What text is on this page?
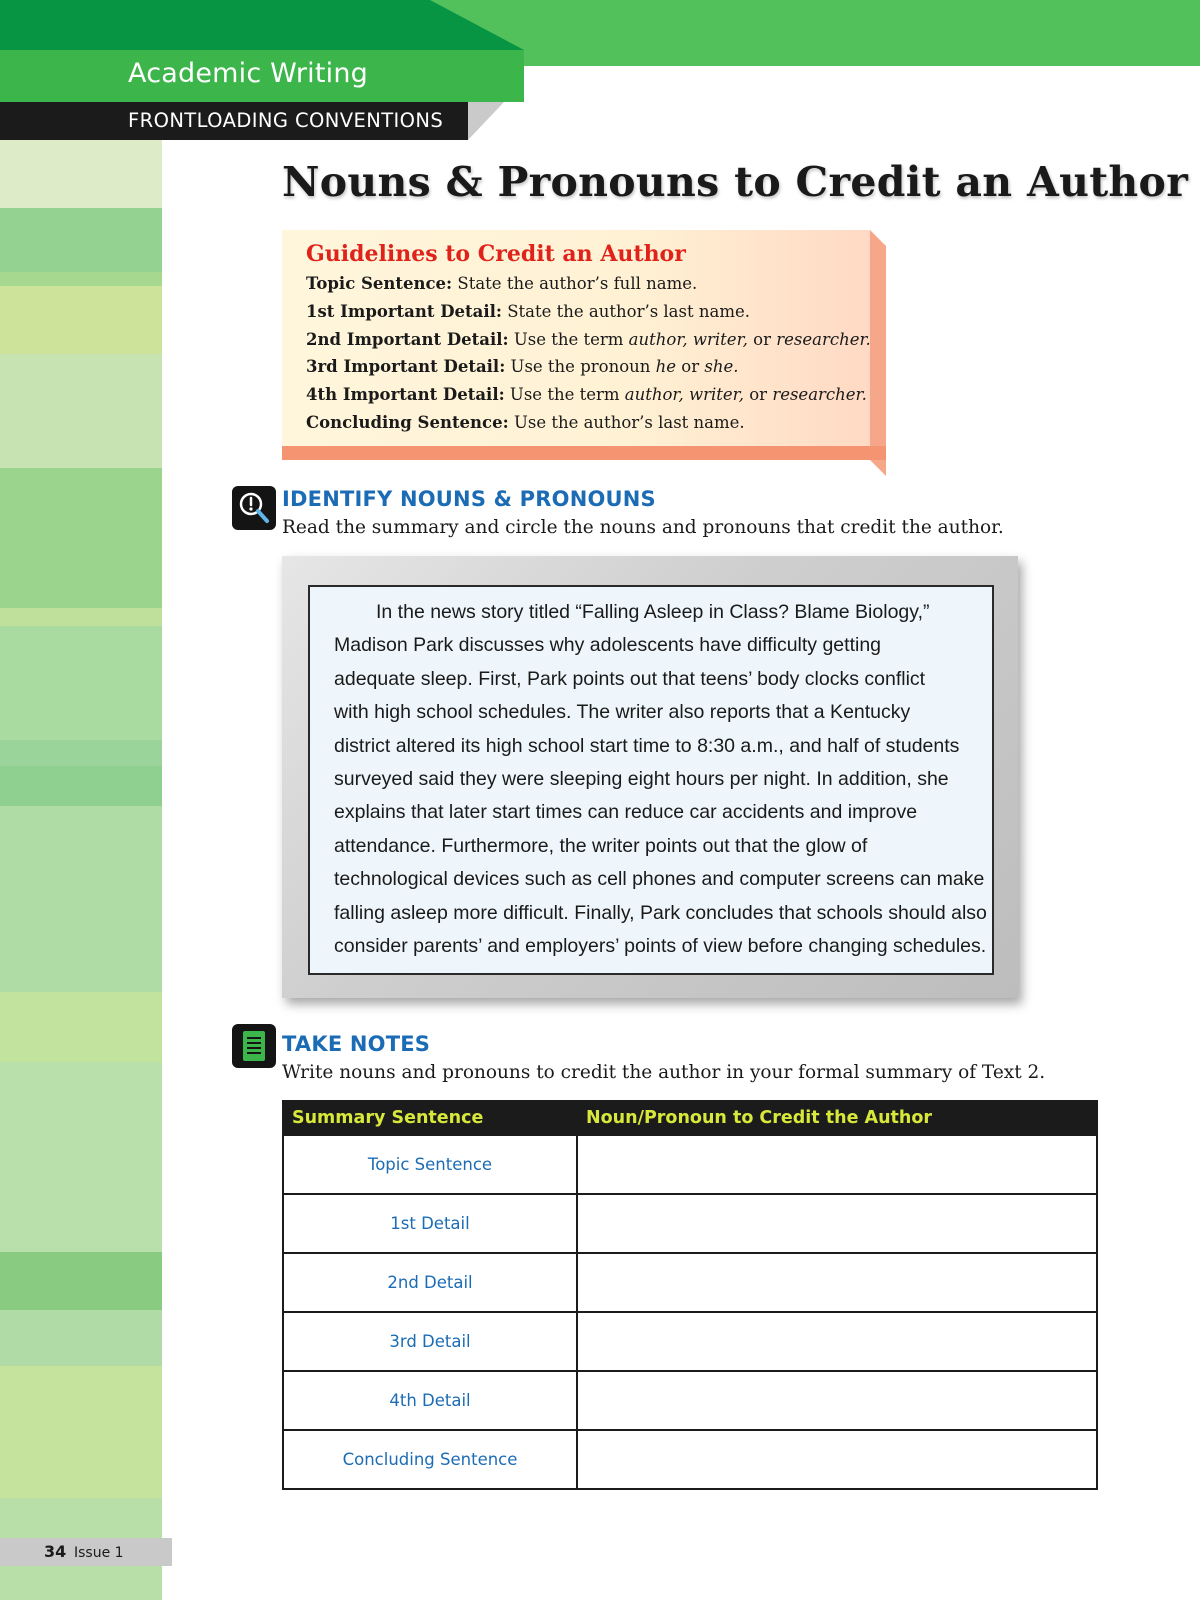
Academic Writing
FRONTLOADING CONVENTIONS
Nouns & Pronouns to Credit an Author
Guidelines to Credit an Author
Topic Sentence: State the author’s full name.
1st Important Detail: State the author’s last name.
2nd Important Detail: Use the term author, writer, or researcher.
3rd Important Detail: Use the pronoun he or she.
4th Important Detail: Use the term author, writer, or researcher.
Concluding Sentence: Use the author’s last name.
IDENTIFY NOUNS & PRONOUNS
Read the summary and circle the nouns and pronouns that credit the author.
In the news story titled “Falling Asleep in Class? Blame Biology,”
Madison Park discusses why adolescents have difficulty getting
adequate sleep. First, Park points out that teens’ body clocks conflict
with high school schedules. The writer also reports that a Kentucky
district altered its high school start time to 8:30 a.m., and half of students
surveyed said they were sleeping eight hours per night. In addition, she
explains that later start times can reduce car accidents and improve
attendance. Furthermore, the writer points out that the glow of
technological devices such as cell phones and computer screens can make
falling asleep more difficult. Finally, Park concludes that schools should also
consider parents’ and employers’ points of view before changing schedules.
TAKE NOTES
Write nouns and pronouns to credit the author in your formal summary of Text 2.
Summary Sentence	Noun/Pronoun to Credit the Author
Topic Sentence	
1st Detail	
2nd Detail	
3rd Detail	
4th Detail	
Concluding Sentence	
34 Issue 1
